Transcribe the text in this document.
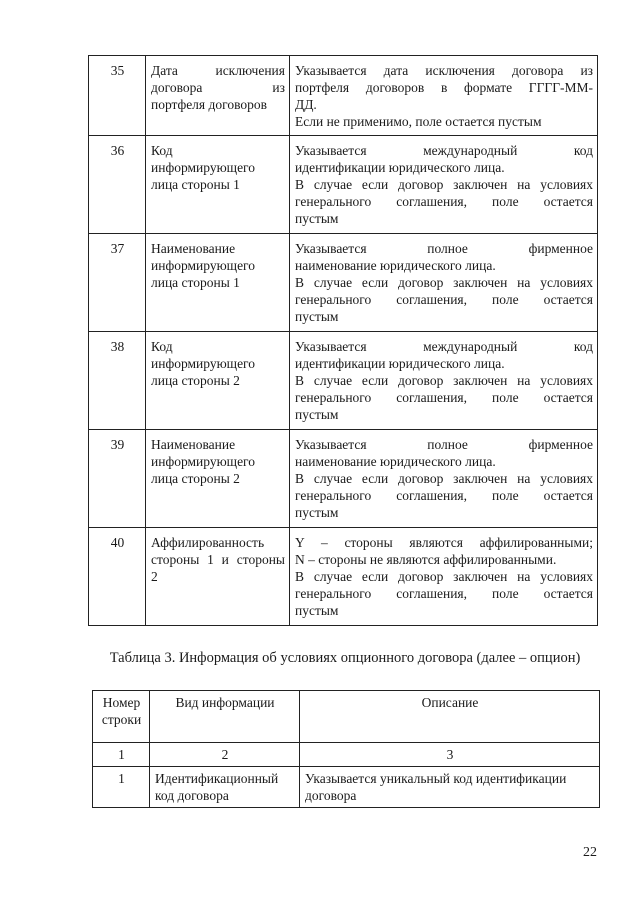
35	Дата исключения
договора из
портфеля договоров	Указывается дата исключения договора из
портфеля договоров в формате ГГГГ-ММ-
ДД.
Если не применимо, поле остается пустым

36	Код
информирующего
лица стороны 1	Указывается международный код
идентификации юридического лица.
В случае если договор заключен на условиях
генерального соглашения, поле остается
пустым

37	Наименование
информирующего
лица стороны 1	Указывается полное фирменное
наименование юридического лица.
В случае если договор заключен на условиях
генерального соглашения, поле остается
пустым

38	Код
информирующего
лица стороны 2	Указывается международный код
идентификации юридического лица.
В случае если договор заключен на условиях
генерального соглашения, поле остается
пустым

39	Наименование
информирующего
лица стороны 2	Указывается полное фирменное
наименование юридического лица.
В случае если договор заключен на условиях
генерального соглашения, поле остается
пустым

40	Аффилированность
стороны 1 и стороны
2	Y – стороны являются аффилированными;
N – стороны не являются аффилированными.
В случае если договор заключен на условиях
генерального соглашения, поле остается
пустым
Таблица 3. Информация об условиях опционного договора (далее – опцион)
Номер строки	Вид информации	Описание
1	2	3
1	Идентификационный код договора	Указывается уникальный код идентификации договора
22
